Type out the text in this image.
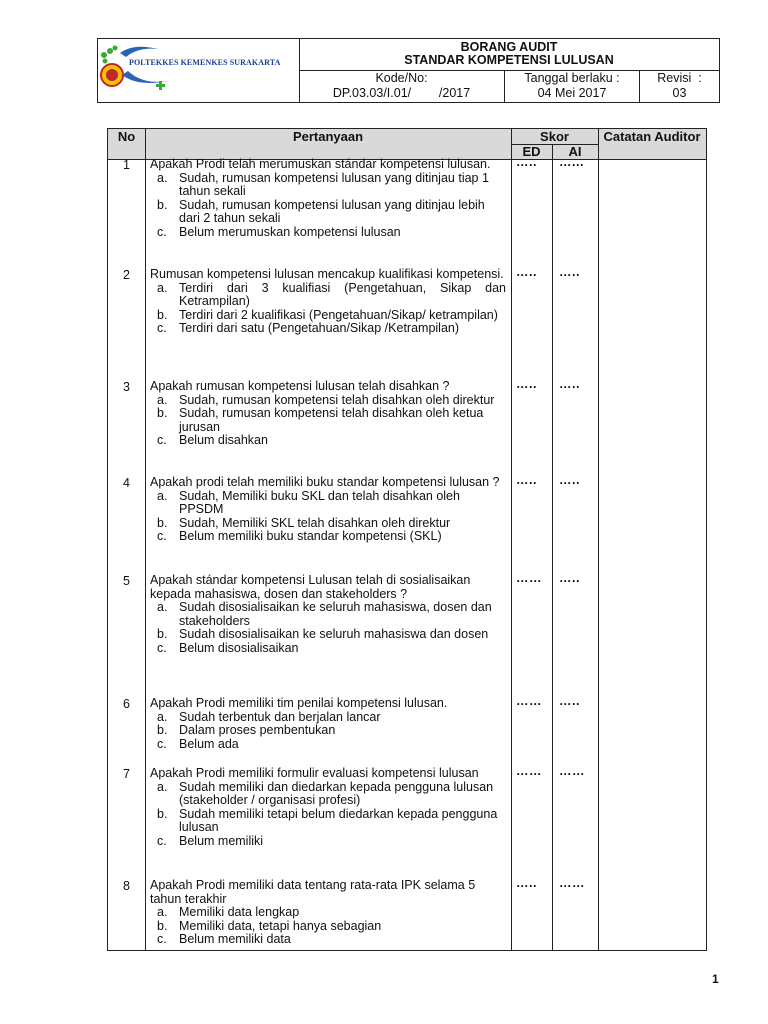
POLTEKKES KEMENKES SURAKARTA
BORANG AUDIT
STANDAR KOMPETENSI LULUSAN
Kode/No:
DP.03.03/I.01/        /2017
Tanggal berlaku :
04 Mei 2017
Revisi  :
03
No	Pertanyaan	Skor
ED	AI
Catatan Auditor
1	Apakah Prodi telah merumuskan stándar kompetensi lulusan.
a. Sudah, rumusan kompetensi lulusan yang ditinjau tiap 1 tahun sekali
b. Sudah, rumusan kompetensi lulusan yang ditinjau lebih dari 2 tahun sekali
c. Belum merumuskan kompetensi lulusan
….. …...
2	Rumusan kompetensi lulusan mencakup kualifikasi kompetensi.
a. Terdiri dari 3 kualifiasi (Pengetahuan, Sikap dan Ketrampilan)
b. Terdiri dari 2 kualifikasi (Pengetahuan/Sikap/ ketrampilan)
c. Terdiri dari satu (Pengetahuan/Sikap /Ketrampilan)
….. …..
3	Apakah rumusan kompetensi lulusan telah disahkan ?
a. Sudah, rumusan kompetensi telah disahkan oleh direktur
b. Sudah, rumusan kompetensi telah disahkan oleh ketua jurusan
c. Belum disahkan
….. …..
4	Apakah prodi telah memiliki buku standar kompetensi lulusan ?
a. Sudah, Memiliki buku SKL dan telah disahkan oleh PPSDM
b. Sudah, Memiliki SKL telah disahkan oleh direktur
c. Belum memiliki buku standar kompetensi (SKL)
….. …..
5	Apakah stándar kompetensi Lulusan telah di sosialisaikan kepada mahasiswa, dosen dan stakeholders ?
a. Sudah disosialisaikan ke seluruh mahasiswa, dosen dan stakeholders
b. Sudah disosialisaikan ke seluruh mahasiswa dan dosen
c. Belum disosialisaikan
…… …..
6	Apakah Prodi memiliki tim penilai kompetensi lulusan.
a. Sudah terbentuk dan berjalan lancar
b. Dalam proses pembentukan
c. Belum ada
…… …..
7	Apakah Prodi memiliki formulir evaluasi kompetensi lulusan
a. Sudah memiliki dan diedarkan kepada pengguna lulusan (stakeholder / organisasi profesi)
b. Sudah memiliki tetapi belum diedarkan kepada pengguna lulusan
c. Belum memiliki
…… ……
8	Apakah Prodi memiliki data tentang rata-rata IPK selama 5 tahun terakhir
a. Memiliki data lengkap
b. Memiliki data, tetapi hanya sebagian
c. Belum memiliki data
….. ……
1
